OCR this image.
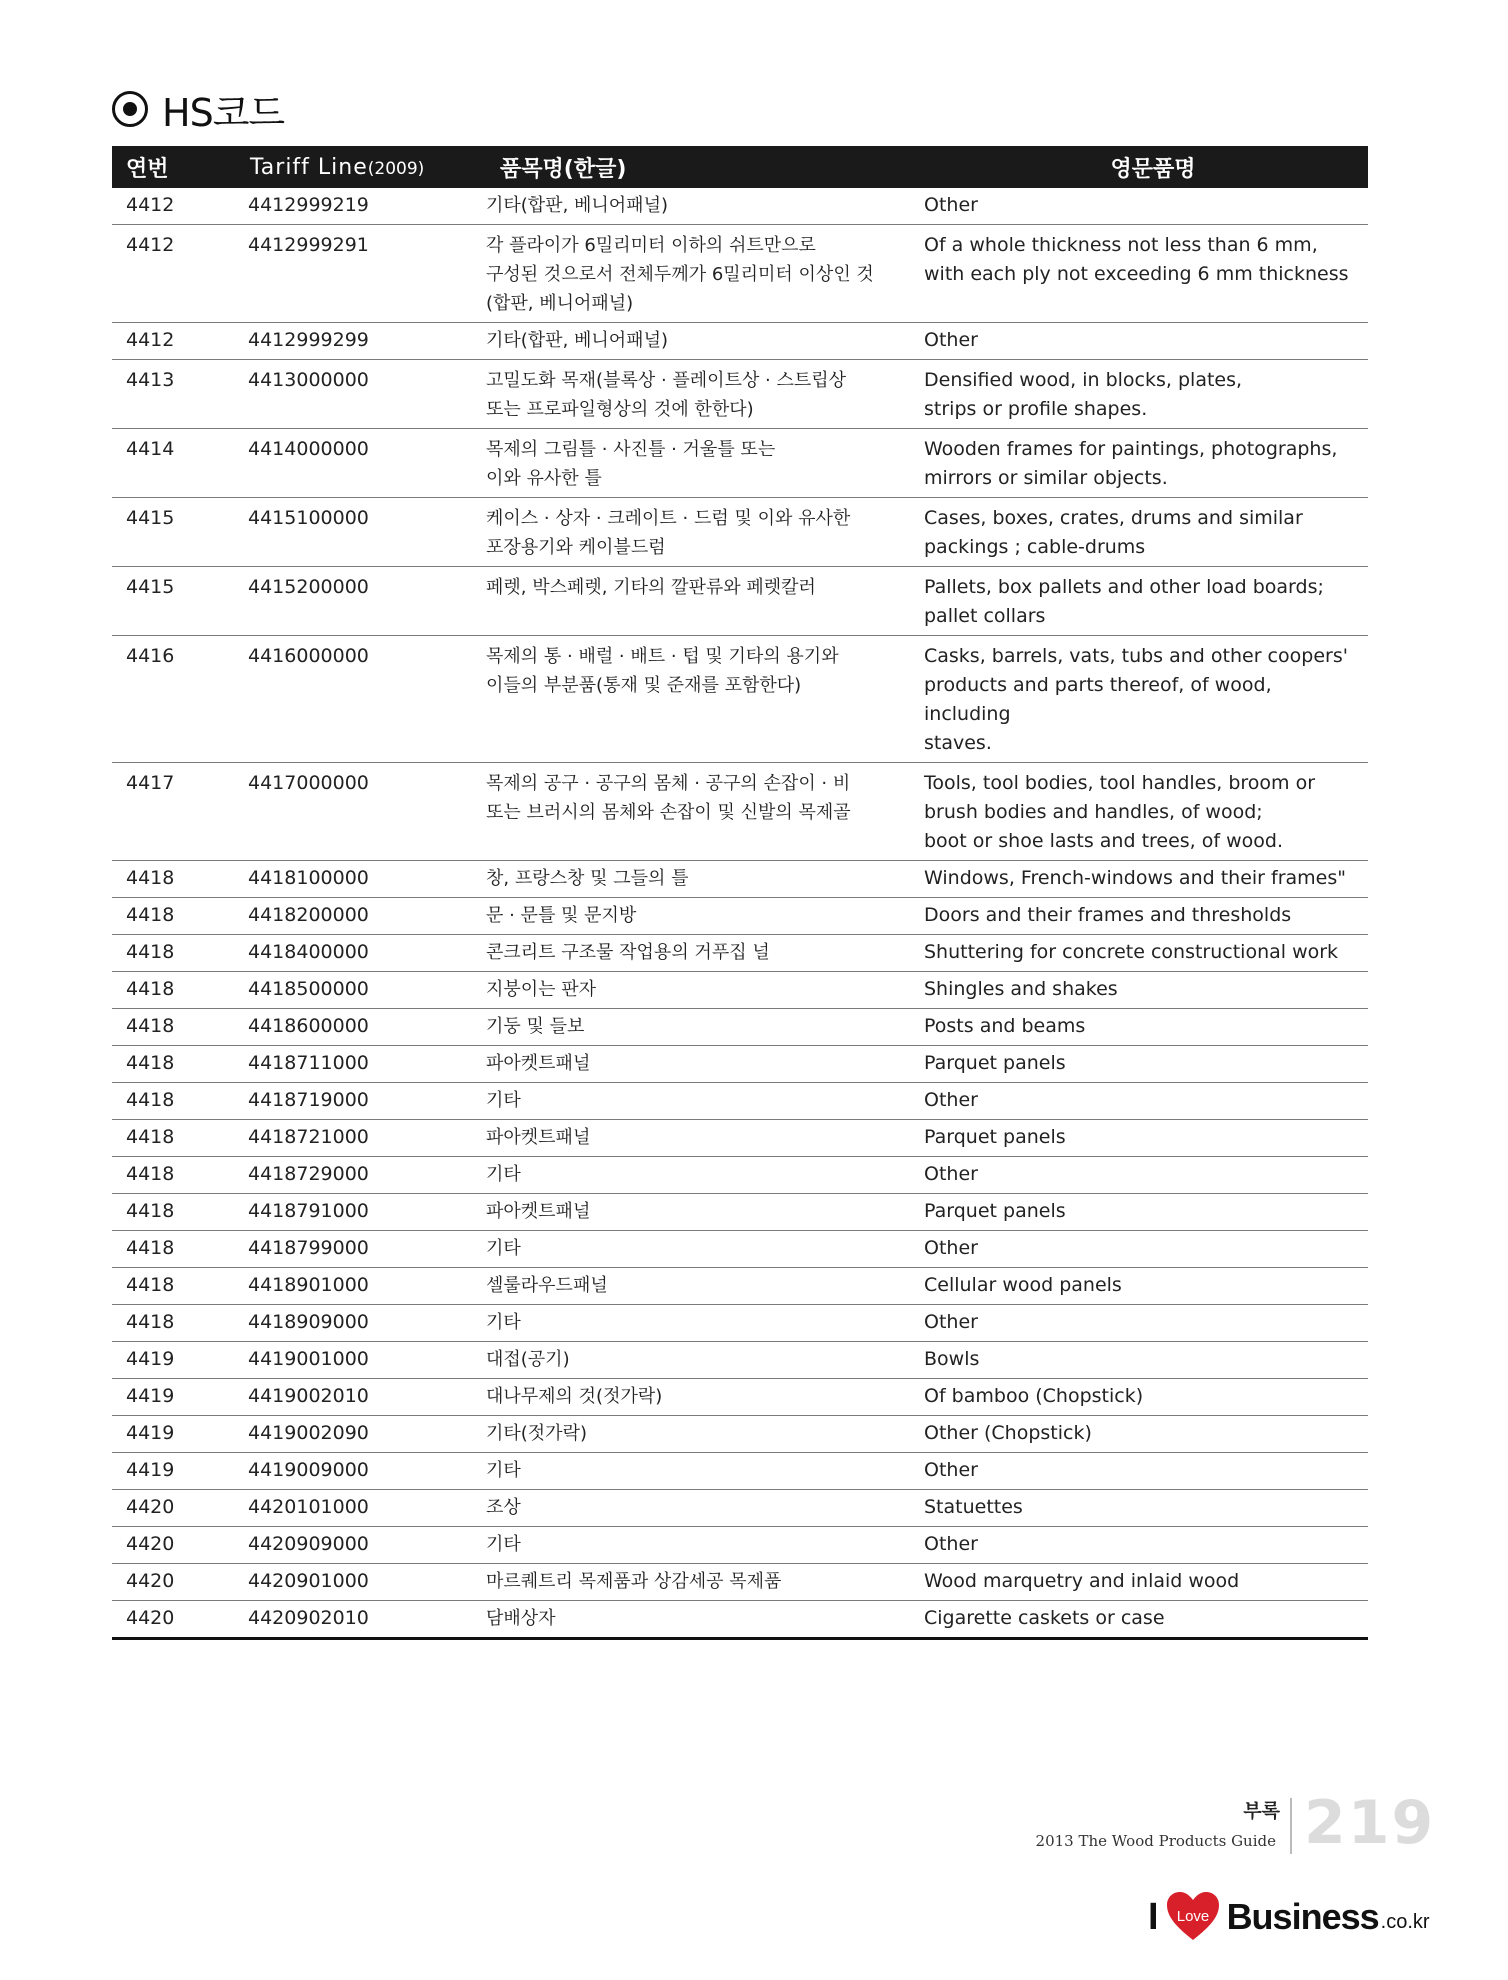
HS코드
연번	Tariff Line(2009)	품목명(한글)	영문품명
4412	4412999219	기타(합판, 베니어패널)	Other
4412	4412999291	각 플라이가 6밀리미터 이하의 쉬트만으로
구성된 것으로서 전체두께가 6밀리미터 이상인 것
(합판, 베니어패널)	Of a whole thickness not less than 6 mm,
with each ply not exceeding 6 mm thickness
4412	4412999299	기타(합판, 베니어패널)	Other
4413	4413000000	고밀도화 목재(블록상 · 플레이트상 · 스트립상
또는 프로파일형상의 것에 한한다)	Densified wood, in blocks, plates,
strips or profile shapes.
4414	4414000000	목제의 그림틀 · 사진틀 · 거울틀 또는
이와 유사한 틀	Wooden frames for paintings, photographs,
mirrors or similar objects.
4415	4415100000	케이스 · 상자 · 크레이트 · 드럼 및 이와 유사한
포장용기와 케이블드럼	Cases, boxes, crates, drums and similar
packings ; cable-drums
4415	4415200000	페렛, 박스페렛, 기타의 깔판류와 페렛칼러	Pallets, box pallets and other load boards;
pallet collars
4416	4416000000	목제의 통 · 배럴 · 배트 · 텁 및 기타의 용기와
이들의 부분품(통재 및 준재를 포함한다)	Casks, barrels, vats, tubs and other coopers'
products and parts thereof, of wood, including
staves.
4417	4417000000	목제의 공구 · 공구의 몸체 · 공구의 손잡이 · 비
또는 브러시의 몸체와 손잡이 및 신발의 목제골	Tools, tool bodies, tool handles, broom or
brush bodies and handles, of wood;
boot or shoe lasts and trees, of wood.
4418	4418100000	창, 프랑스창 및 그들의 틀	Windows, French-windows and their frames"
4418	4418200000	문 · 문틀 및 문지방	Doors and their frames and thresholds
4418	4418400000	콘크리트 구조물 작업용의 거푸집 널	Shuttering for concrete constructional work
4418	4418500000	지붕이는 판자	Shingles and shakes
4418	4418600000	기둥 및 들보	Posts and beams
4418	4418711000	파아켓트패널	Parquet panels
4418	4418719000	기타	Other
4418	4418721000	파아켓트패널	Parquet panels
4418	4418729000	기타	Other
4418	4418791000	파아켓트패널	Parquet panels
4418	4418799000	기타	Other
4418	4418901000	셀룰라우드패널	Cellular wood panels
4418	4418909000	기타	Other
4419	4419001000	대접(공기)	Bowls
4419	4419002010	대나무제의 것(젓가락)	Of bamboo (Chopstick)
4419	4419002090	기타(젓가락)	Other (Chopstick)
4419	4419009000	기타	Other
4420	4420101000	조상	Statuettes
4420	4420909000	기타	Other
4420	4420901000	마르퀘트리 목제품과 상감세공 목제품	Wood marquetry and inlaid wood
4420	4420902010	담배상자	Cigarette caskets or case
부록
2013 The Wood Products Guide 219
I Love Business .co.kr
